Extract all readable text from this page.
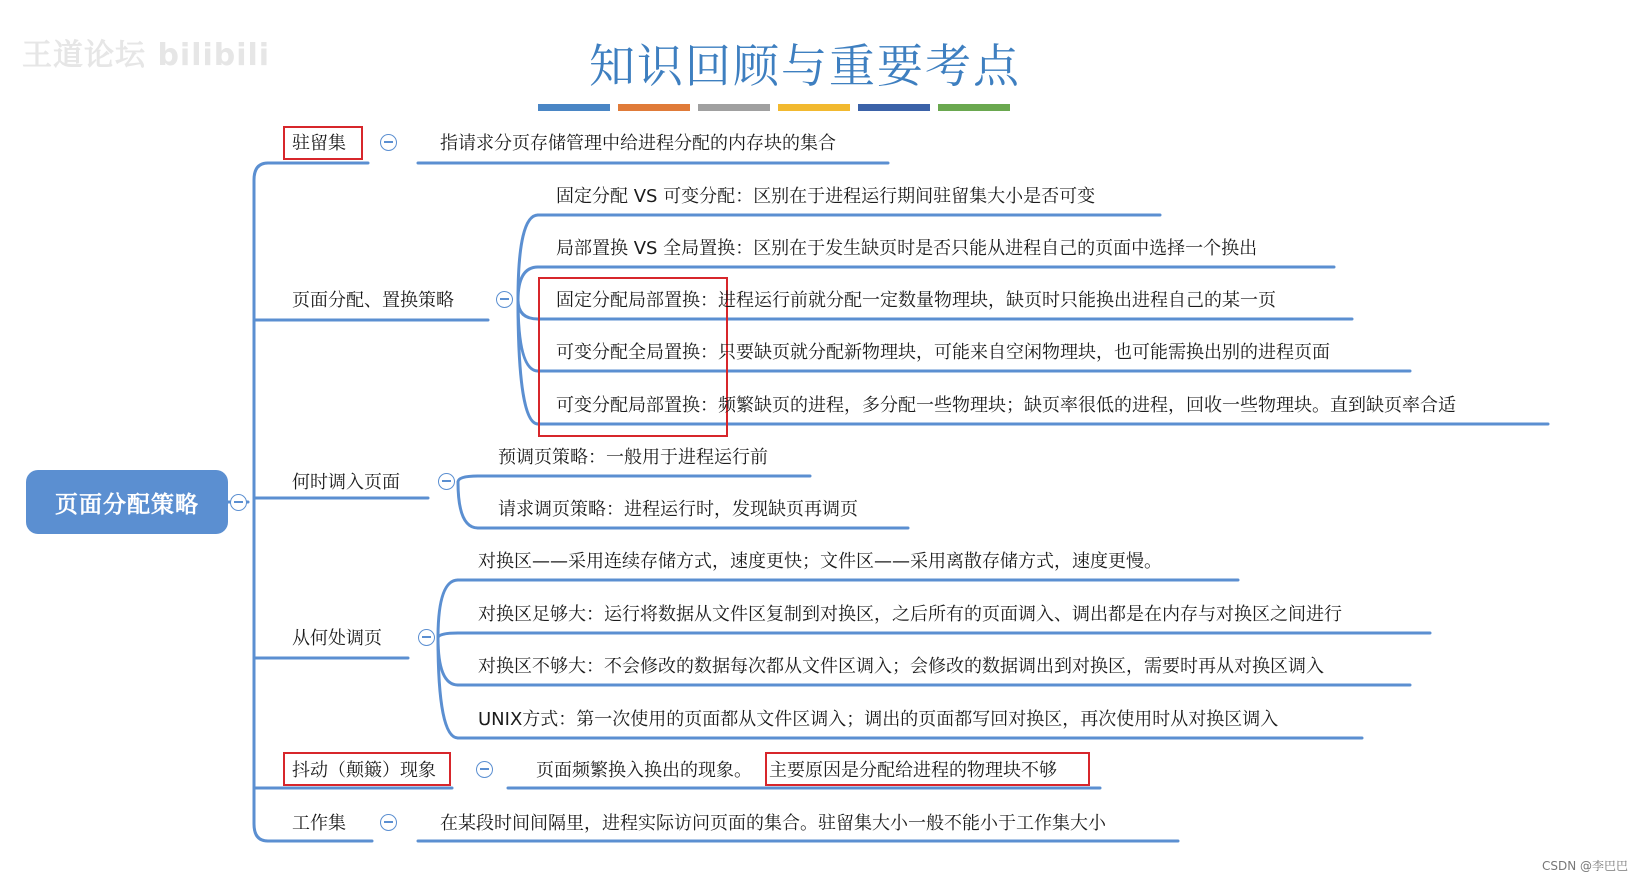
王道论坛 bilibili	知识回顾与重要考点
页面分配策略
驻留集	指请求分页存储管理中给进程分配的内存块的集合
页面分配、置换策略
固定分配 VS 可变分配：区别在于进程运行期间驻留集大小是否可变
局部置换 VS 全局置换：区别在于发生缺页时是否只能从进程自己的页面中选择一个换出
固定分配局部置换：进程运行前就分配一定数量物理块，缺页时只能换出进程自己的某一页
可变分配全局置换：只要缺页就分配新物理块，可能来自空闲物理块，也可能需换出别的进程页面
可变分配局部置换：频繁缺页的进程，多分配一些物理块；缺页率很低的进程，回收一些物理块。直到缺页率合适
何时调入页面
预调页策略：一般用于进程运行前
请求调页策略：进程运行时，发现缺页再调页
从何处调页
对换区——采用连续存储方式，速度更快；文件区——采用离散存储方式，速度更慢。
对换区足够大：运行将数据从文件区复制到对换区，之后所有的页面调入、调出都是在内存与对换区之间进行
对换区不够大：不会修改的数据每次都从文件区调入；会修改的数据调出到对换区，需要时再从对换区调入
UNIX方式：第一次使用的页面都从文件区调入；调出的页面都写回对换区，再次使用时从对换区调入
抖动（颠簸）现象	页面频繁换入换出的现象。 主要原因是分配给进程的物理块不够
工作集	在某段时间间隔里，进程实际访问页面的集合。驻留集大小一般不能小于工作集大小
CSDN @李巴巴
